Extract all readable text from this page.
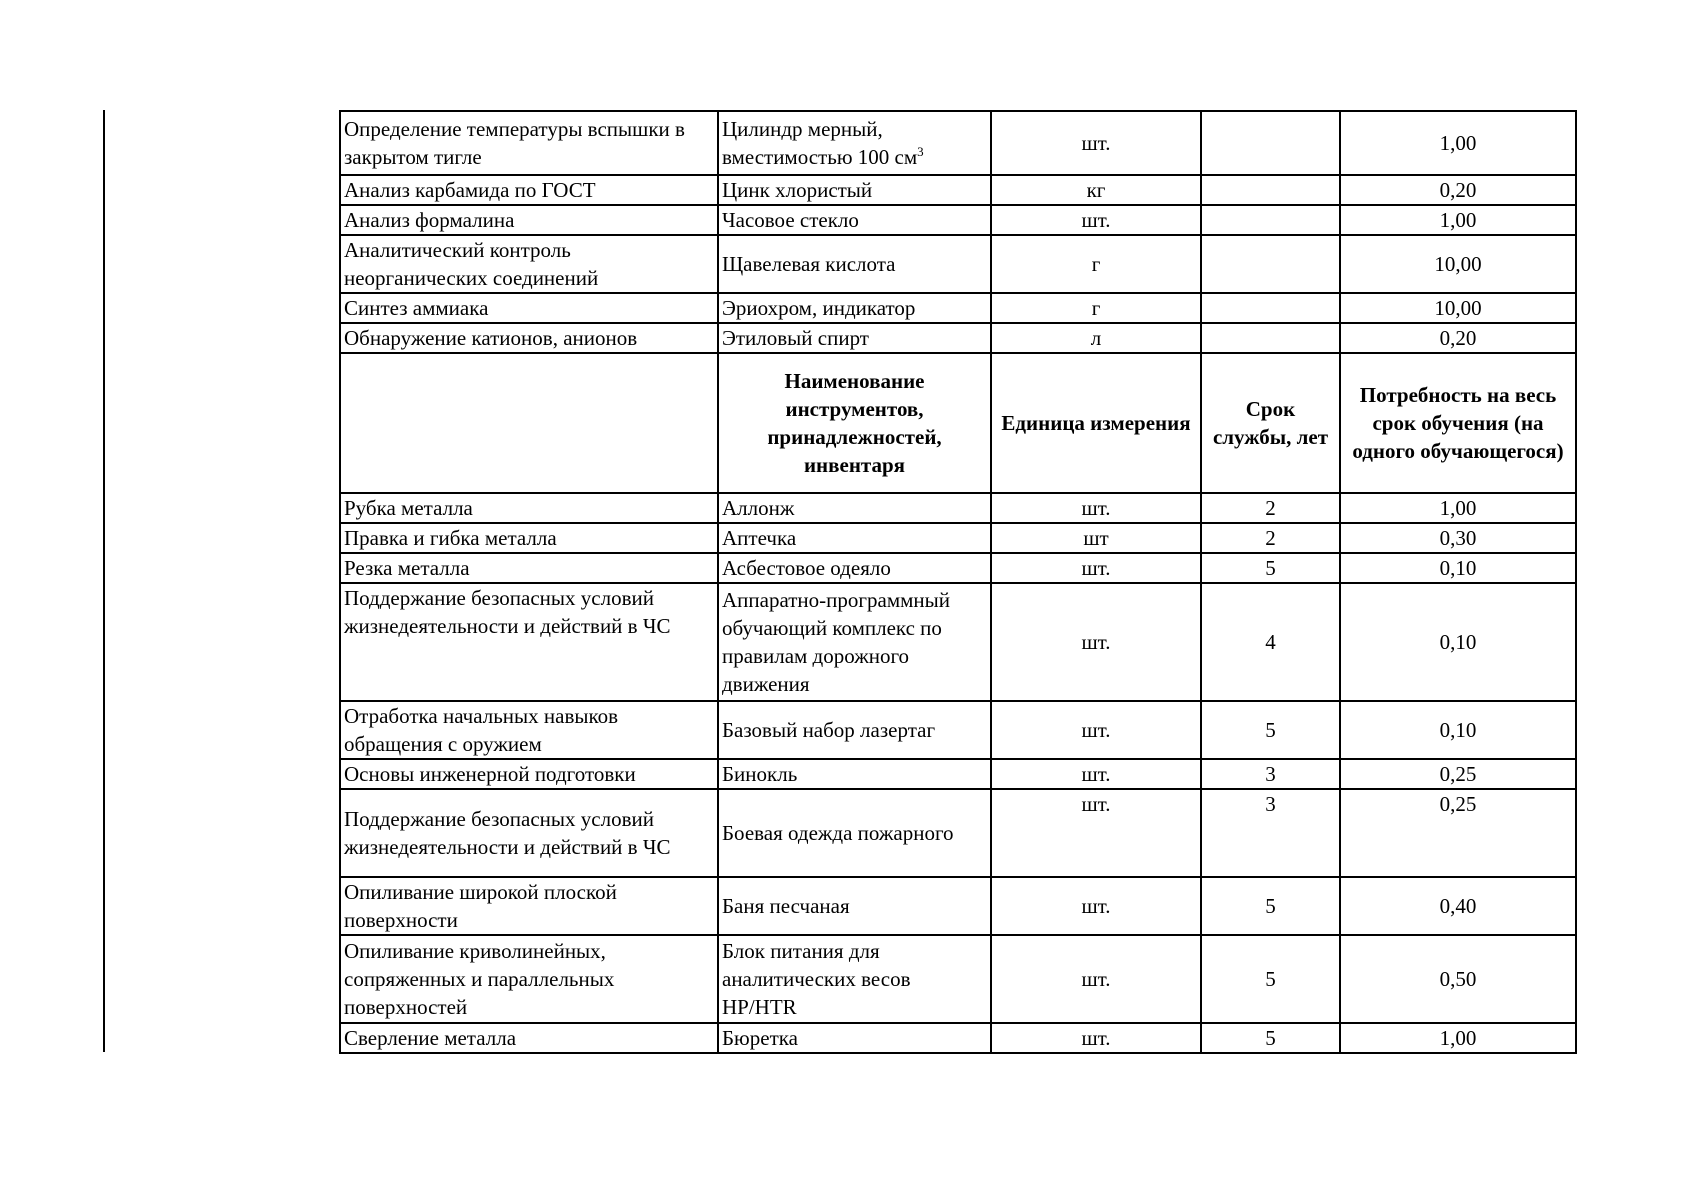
Определение температуры вспышки в закрытом тигле	Цилиндр мерный, вместимостью 100 $см^3$	шт.		1,00
Анализ карбамида по ГОСТ	Цинк хлористый	кг		0,20
Анализ формалина	Часовое стекло	шт.		1,00
Аналитический контроль неорганических соединений	Щавелевая кислота	г		10,00
Синтез аммиака	Эриохром, индикатор	г		10,00
Обнаружение катионов, анионов	Этиловый спирт	л		0,20
	Наименование инструментов, принадлежностей, инвентаря	Единица измерения	Срок службы, лет	Потребность на весь срок обучения (на одного обучающегося)
Рубка металла	Аллонж	шт.	2	1,00
Правка и гибка металла	Аптечка	шт	2	0,30
Резка металла	Асбестовое одеяло	шт.	5	0,10
Поддержание безопасных условий жизнедеятельности и действий в ЧС	Аппаратно-программный обучающий комплекс по правилам дорожного движения	шт.	4	0,10
Отработка начальных навыков обращения с оружием	Базовый набор лазертаг	шт.	5	0,10
Основы инженерной подготовки	Бинокль	шт.	3	0,25
Поддержание безопасных условий жизнедеятельности и действий в ЧС	Боевая одежда пожарного	шт.	3	0,25
Опиливание широкой плоской поверхности	Баня песчаная	шт.	5	0,40
Опиливание криволинейных, сопряженных и параллельных поверхностей	Блок питания для аналитических весов HP/HTR	шт.	5	0,50
Сверление металла	Бюретка	шт.	5	1,00
